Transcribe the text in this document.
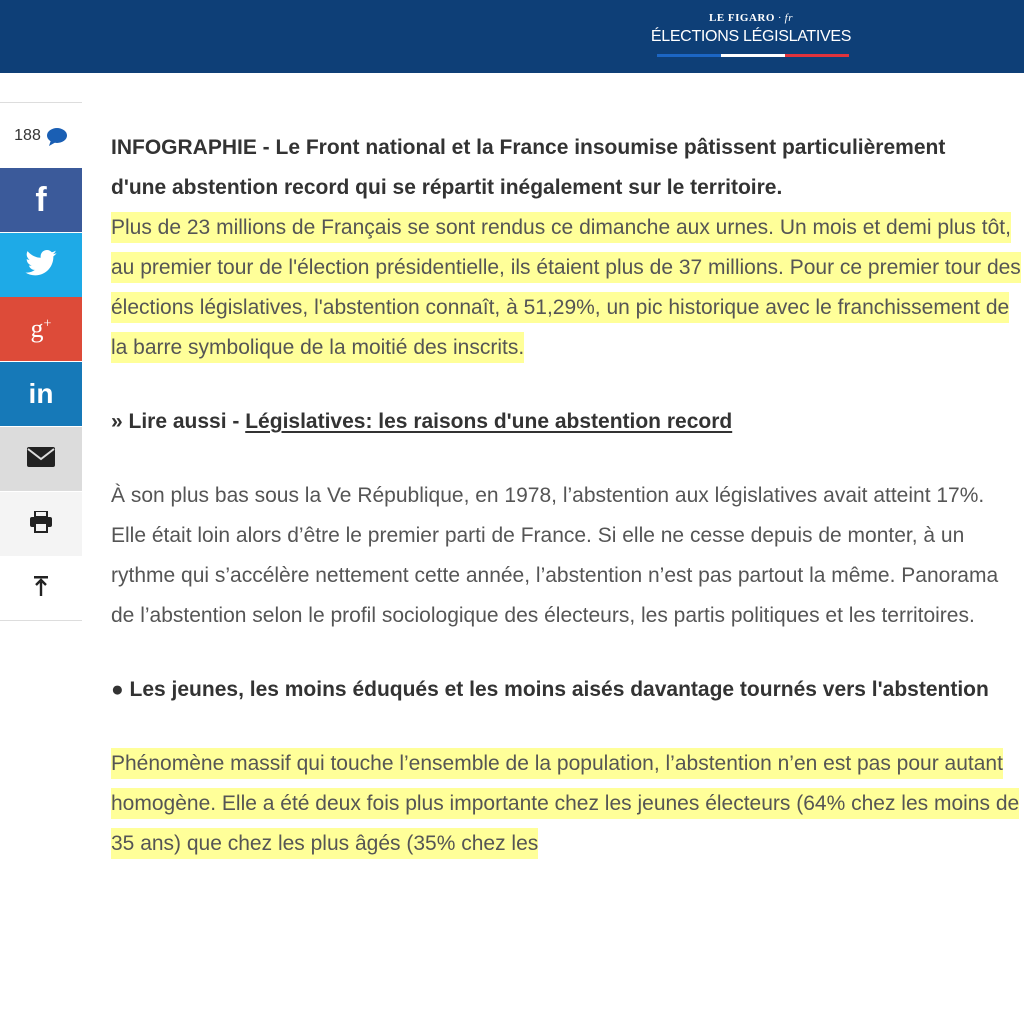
LE FIGARO · fr
ÉLECTIONS LÉGISLATIVES
188
f
g+
in
INFOGRAPHIE - Le Front national et la France insoumise pâtissent particulièrement d'une abstention record qui se répartit inégalement sur le territoire.

Plus de 23 millions de Français se sont rendus ce dimanche aux urnes. Un mois et demi plus tôt, au premier tour de l'élection présidentielle, ils étaient plus de 37 millions. Pour ce premier tour des élections législatives, l'abstention connaît, à 51,29%, un pic historique avec le franchissement de la barre symbolique de la moitié des inscrits.

» Lire aussi - Législatives: les raisons d'une abstention record
À son plus bas sous la Ve République, en 1978, l’abstention aux législatives avait atteint 17%. Elle était loin alors d’être le premier parti de France. Si elle ne cesse depuis de monter, à un rythme qui s’accélère nettement cette année, l’abstention n’est pas partout la même. Panorama de l’abstention selon le profil sociologique des électeurs, les partis politiques et les territoires.
● Les jeunes, les moins éduqués et les moins aisés davantage tournés vers l'abstention

Phénomène massif qui touche l’ensemble de la population, l’abstention n’en est pas pour autant homogène. Elle a été deux fois plus importante chez les jeunes électeurs (64% chez les moins de 35 ans) que chez les plus âgés (35% chez les
